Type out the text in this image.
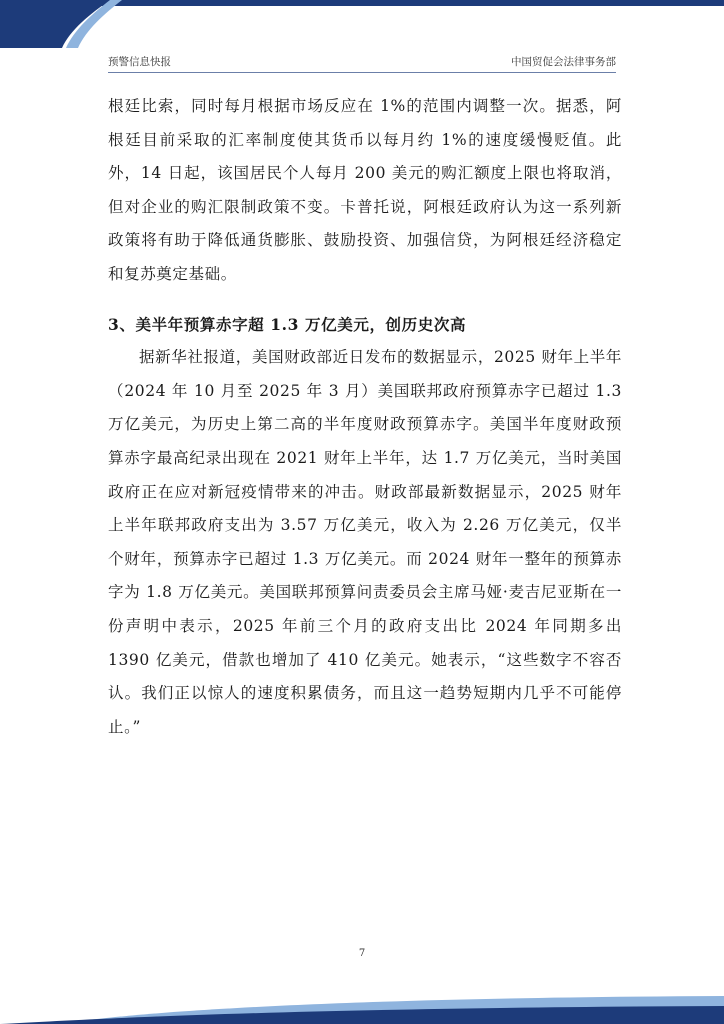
预警信息快报	中国贸促会法律事务部

根廷比索，同时每月根据市场反应在 1%的范围内调整一次。据悉，阿根廷目前采取的汇率制度使其货币以每月约 1%的速度缓慢贬值。此外，14 日起，该国居民个人每月 200 美元的购汇额度上限也将取消，但对企业的购汇限制政策不变。卡普托说，阿根廷政府认为这一系列新政策将有助于降低通货膨胀、鼓励投资、加强信贷，为阿根廷经济稳定和复苏奠定基础。

3、美半年预算赤字超 1.3 万亿美元，创历史次高

据新华社报道，美国财政部近日发布的数据显示，2025 财年上半年（2024 年 10 月至 2025 年 3 月）美国联邦政府预算赤字已超过 1.3 万亿美元，为历史上第二高的半年度财政预算赤字。美国半年度财政预算赤字最高纪录出现在 2021 财年上半年，达 1.7 万亿美元，当时美国政府正在应对新冠疫情带来的冲击。财政部最新数据显示，2025 财年上半年联邦政府支出为 3.57 万亿美元，收入为 2.26 万亿美元，仅半个财年，预算赤字已超过 1.3 万亿美元。而 2024 财年一整年的预算赤字为 1.8 万亿美元。美国联邦预算问责委员会主席马娅·麦吉尼亚斯在一份声明中表示，2025 年前三个月的政府支出比 2024 年同期多出 1390 亿美元，借款也增加了 410 亿美元。她表示，“这些数字不容否认。我们正以惊人的速度积累债务，而且这一趋势短期内几乎不可能停止。”

7
